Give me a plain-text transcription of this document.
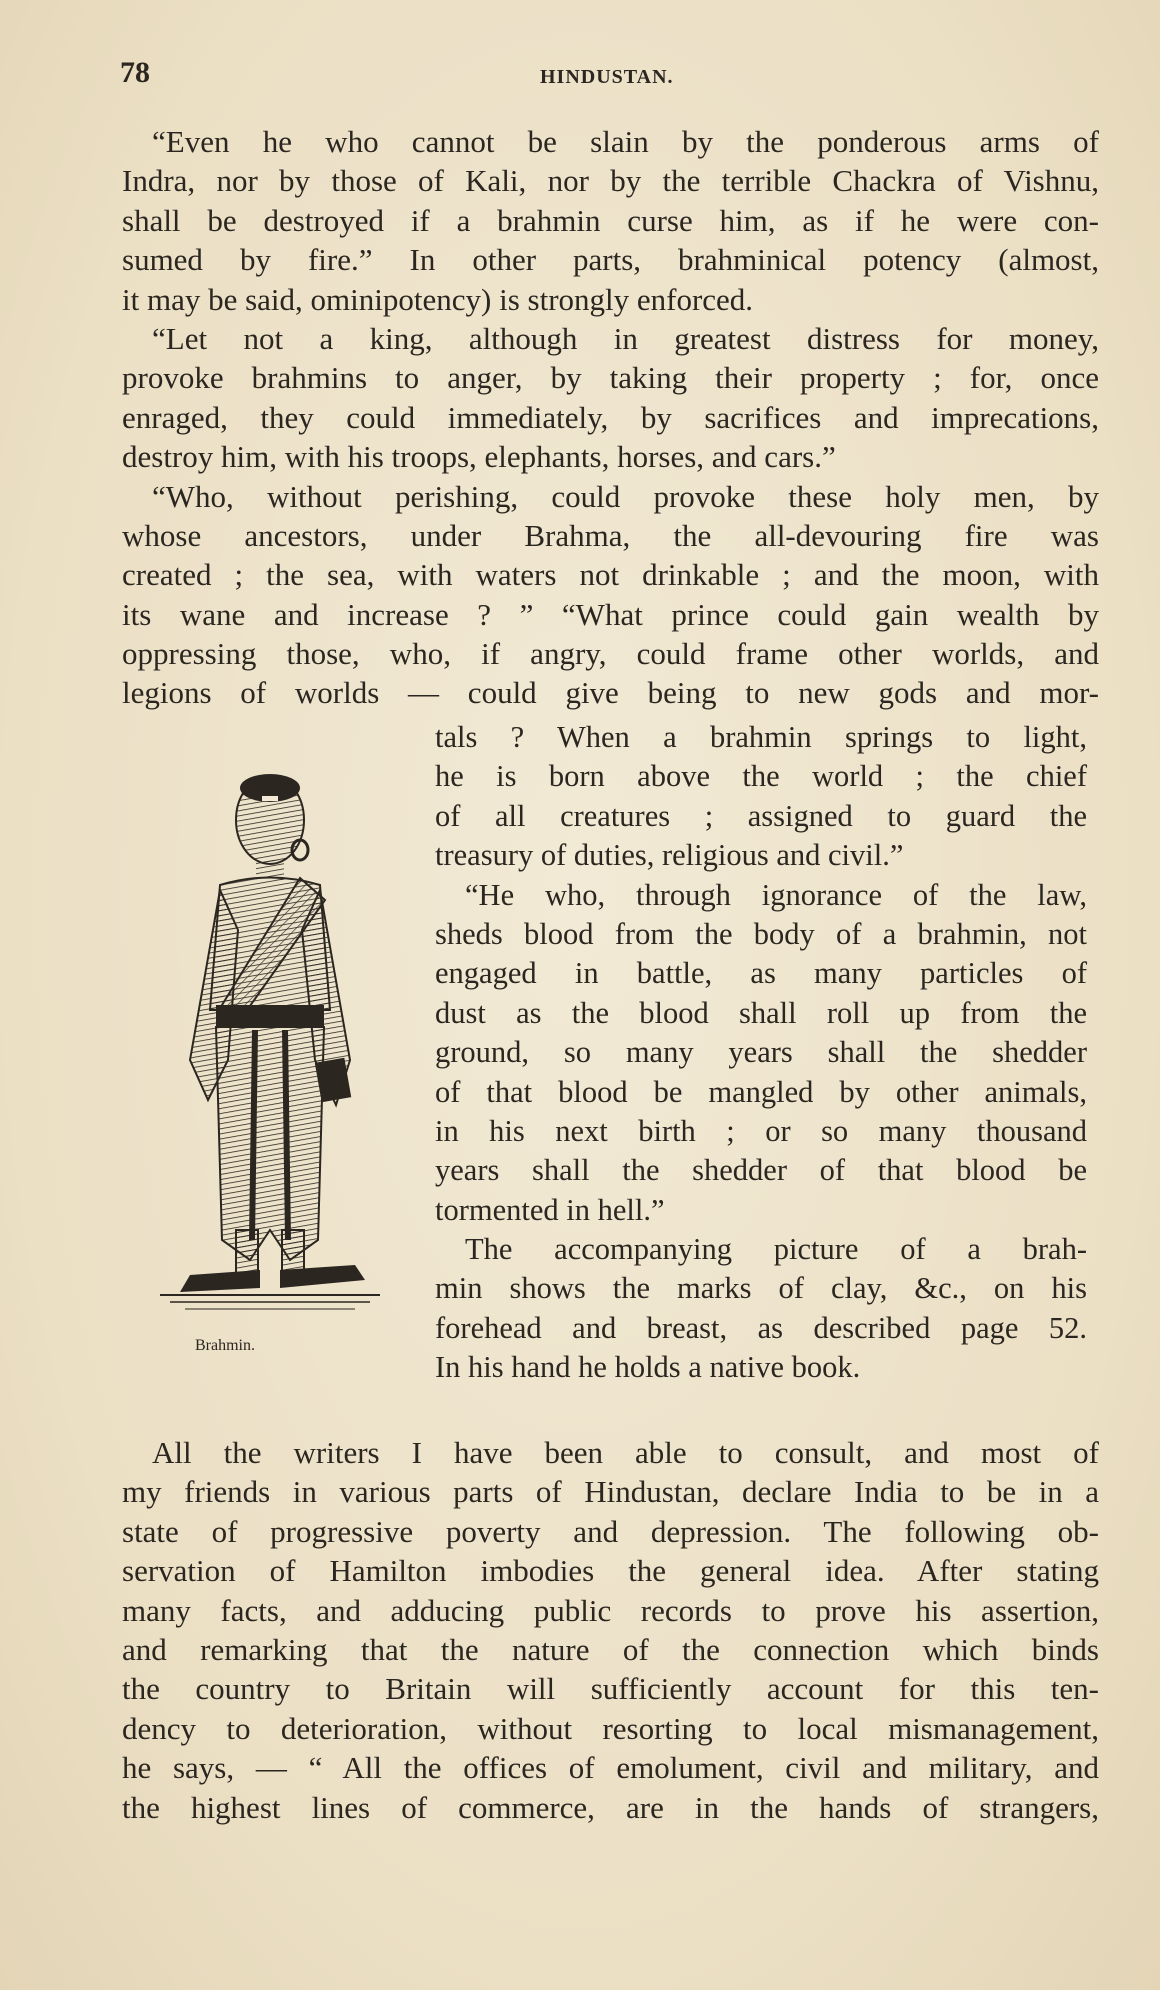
78	HINDUSTAN.

“Even he who cannot be slain by the ponderous arms of

Indra, nor by those of Kali, nor by the terrible Chackra of Vishnu,

shall be destroyed if a brahmin curse him, as if he were con-

sumed by fire.” In other parts, brahminical potency (almost,

it may be said, ominipotency) is strongly enforced.

“Let not a king, although in greatest distress for money,

provoke brahmins to anger, by taking their property ; for, once

enraged, they could immediately, by sacrifices and imprecations,

destroy him, with his troops, elephants, horses, and cars.”

“Who, without perishing, could provoke these holy men, by

whose ancestors, under Brahma, the all-devouring fire was

created ; the sea, with waters not drinkable ; and the moon, with

its wane and increase ? ” “What prince could gain wealth by

oppressing those, who, if angry, could frame other worlds, and

legions of worlds — could give being to new gods and mor-

tals ? When a brahmin springs to light,

he is born above the world ; the chief

of all creatures ; assigned to guard the

treasury of duties, religious and civil.”

“He who, through ignorance of the law,

sheds blood from the body of a brahmin, not

engaged in battle, as many particles of

dust as the blood shall roll up from the

ground, so many years shall the shedder

of that blood be mangled by other animals,

in his next birth ; or so many thousand

years shall the shedder of that blood be

tormented in hell.”

The accompanying picture of a brah-

min shows the marks of clay, &c., on his

forehead and breast, as described page 52.

In his hand he holds a native book.

Brahmin.

All the writers I have been able to consult, and most of

my friends in various parts of Hindustan, declare India to be in a

state of progressive poverty and depression. The following ob-

servation of Hamilton imbodies the general idea. After stating

many facts, and adducing public records to prove his assertion,

and remarking that the nature of the connection which binds

the country to Britain will sufficiently account for this ten-

dency to deterioration, without resorting to local mismanagement,

he says, — “ All the offices of emolument, civil and military, and

the highest lines of commerce, are in the hands of strangers,
